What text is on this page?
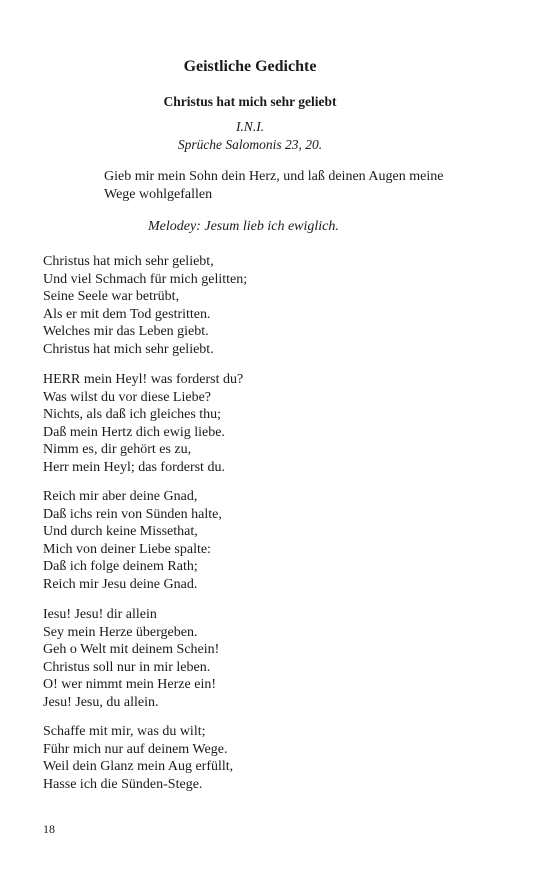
Geistliche Gedichte
Christus hat mich sehr geliebt
I.N.I.
Sprüche Salomonis 23, 20.

Gieb mir mein Sohn dein Herz, und laß deinen Augen meine Wege wohlgefallen

Melodey: Jesum lieb ich ewiglich.

Christus hat mich sehr geliebt,
Und viel Schmach für mich gelitten;
Seine Seele war betrübt,
Als er mit dem Tod gestritten.
Welches mir das Leben giebt.
Christus hat mich sehr geliebt.
HERR mein Heyl! was forderst du?
Was wilst du vor diese Liebe?
Nichts, als daß ich gleiches thu;
Daß mein Hertz dich ewig liebe.
Nimm es, dir gehört es zu,
Herr mein Heyl; das forderst du.
Reich mir aber deine Gnad,
Daß ichs rein von Sünden halte,
Und durch keine Missethat,
Mich von deiner Liebe spalte:
Daß ich folge deinem Rath;
Reich mir Jesu deine Gnad.
Iesu! Jesu! dir allein
Sey mein Herze übergeben.
Geh o Welt mit deinem Schein!
Christus soll nur in mir leben.
O! wer nimmt mein Herze ein!
Jesu! Jesu, du allein.
Schaffe mit mir, was du wilt;
Führ mich nur auf deinem Wege.
Weil dein Glanz mein Aug erfüllt,
Hasse ich die Sünden-Stege.

18
